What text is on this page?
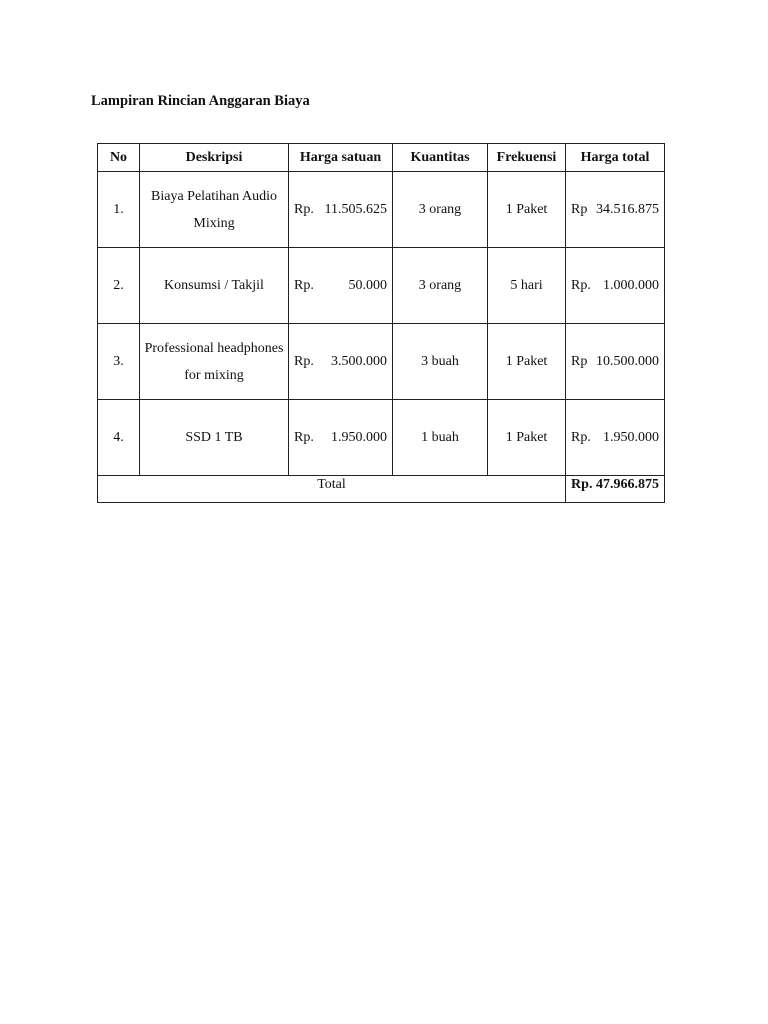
Lampiran Rincian Anggaran Biaya
No	Deskripsi	Harga satuan	Kuantitas	Frekuensi	Harga total
1.	Biaya Pelatihan Audio Mixing	Rp. 11.505.625	3 orang	1 Paket	Rp 34.516.875

2.	Konsumsi / Takjil	Rp. 50.000	3 orang	5 hari	Rp. 1.000.000

3.	Professional headphones for mixing	Rp. 3.500.000	3 buah	1 Paket	Rp 10.500.000

4.	SSD 1 TB	Rp. 1.950.000	1 buah	1 Paket	Rp. 1.950.000

Total					Rp. 47.966.875
